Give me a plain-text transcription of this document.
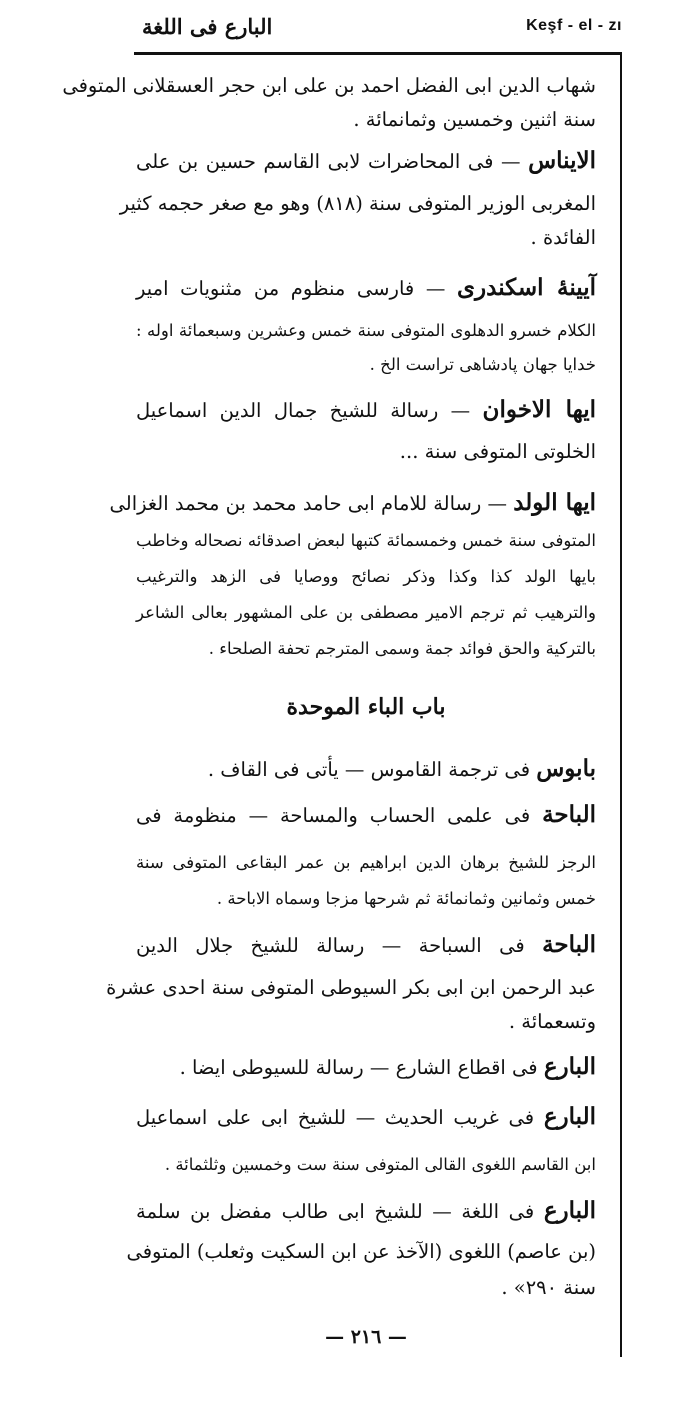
البارع فى اللغة	Keşf - el - zı
شهاب الدين ابى الفضل احمد بن على ابن حجر العسقلانى المتوفى
سنة اثنين وخمسين وثمانمائة .
الايناس — فى المحاضرات لابى القاسم حسين بن على
المغربى الوزير المتوفى سنة (٨١٨) وهو مع صغر حجمه كثير
الفائدة .
آيينهٔ اسكندرى — فارسى منظوم من مثنويات امير
الكلام خسرو الدهلوى المتوفى سنة خمس وعشرين وسبعمائة اوله :
خدايا جهان پادشاهى تراست الخ .
ايها الاخوان — رسالة للشيخ جمال الدين اسماعيل
الخلوتى المتوفى سنة ...
ايها الولد — رسالة للامام ابى حامد محمد بن محمد الغزالى
المتوفى سنة خمس وخمسمائة كتبها لبعض اصدقائه نصحاله وخاطب
بايها الولد كذا وكذا وذكر نصائح ووصايا فى الزهد والترغيب
والترهيب ثم ترجم الامير مصطفى بن على المشهور بعالى الشاعر
بالتركية والحق فوائد جمة وسمى المترجم تحفة الصلحاء .
باب الباء الموحدة
بابوس فى ترجمة القاموس — يأتى فى القاف .
الباحة فى علمى الحساب والمساحة — منظومة فى
الرجز للشيخ برهان الدين ابراهيم بن عمر البقاعى المتوفى سنة
خمس وثمانين وثمانمائة ثم شرحها مزجا وسماه الاباحة .
الباحة فى السباحة — رسالة للشيخ جلال الدين
عبد الرحمن ابن ابى بكر السيوطى المتوفى سنة احدى عشرة
وتسعمائة .
البارع فى اقطاع الشارع — رسالة للسيوطى ايضا .
البارع فى غريب الحديث — للشيخ ابى على اسماعيل
ابن القاسم اللغوى القالى المتوفى سنة ست وخمسين وثلثمائة .
البارع فى اللغة — للشيخ ابى طالب مفضل بن سلمة
(بن عاصم) اللغوى (الآخذ عن ابن السكيت وثعلب) المتوفى
سنة ٢٩٠» .
— ٢١٦ —
